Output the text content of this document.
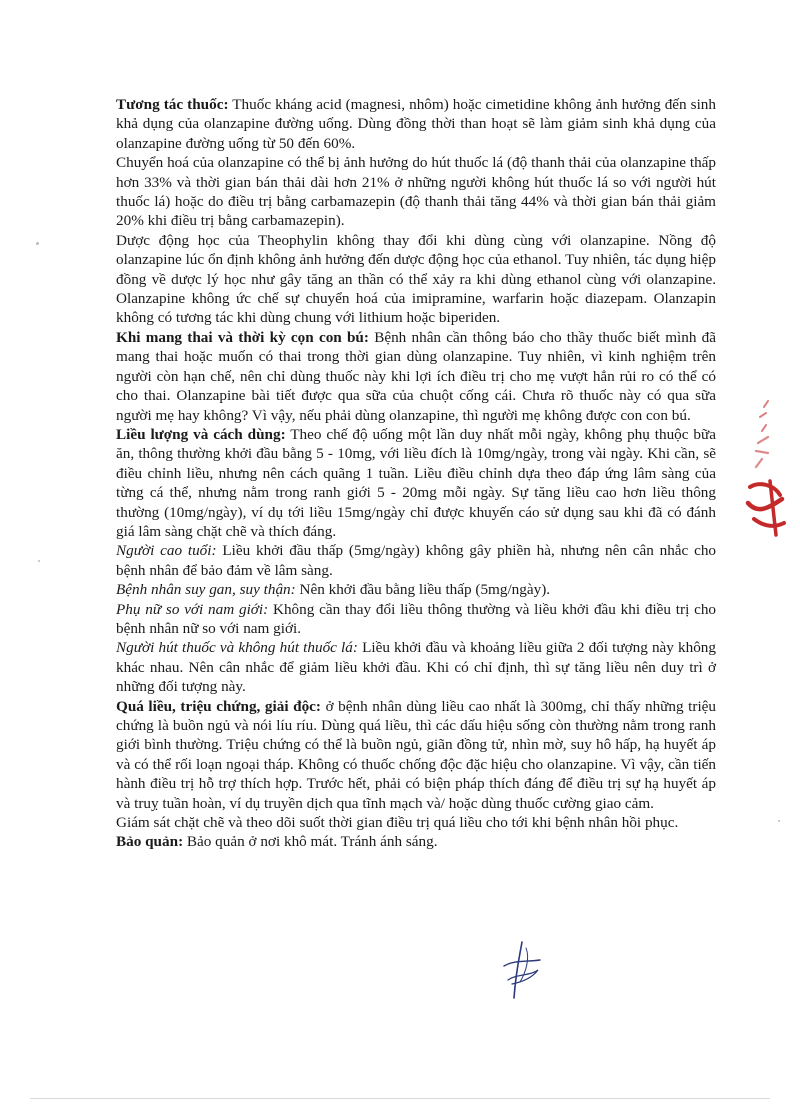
Tương tác thuốc: Thuốc kháng acid (magnesi, nhôm) hoặc cimetidine không ảnh hưởng đến sinh khả dụng của olanzapine đường uống. Dùng đồng thời than hoạt sẽ làm giảm sinh khả dụng của olanzapine đường uống từ 50 đến 60%.

Chuyển hoá của olanzapine có thể bị ảnh hưởng do hút thuốc lá (độ thanh thải của olanzapine thấp hơn 33% và thời gian bán thải dài hơn 21% ở những người không hút thuốc lá so với người hút thuốc lá) hoặc do điều trị bằng carbamazepin (độ thanh thải tăng 44% và thời gian bán thải giảm 20% khi điều trị bằng carbamazepin).

Dược động học của Theophylin không thay đổi khi dùng cùng với olanzapine. Nồng độ olanzapine lúc ổn định không ảnh hưởng đến dược động học của ethanol. Tuy nhiên, tác dụng hiệp đồng về dược lý học như gây tăng an thần có thể xảy ra khi dùng ethanol cùng với olanzapine. Olanzapine không ức chế sự chuyển hoá của imipramine, warfarin hoặc diazepam. Olanzapin không có tương tác khi dùng chung với lithium hoặc biperiden.

Khi mang thai và thời kỳ cọn con bú: Bệnh nhân cần thông báo cho thầy thuốc biết mình đã mang thai hoặc muốn có thai trong thời gian dùng olanzapine. Tuy nhiên, vì kinh nghiệm trên người còn hạn chế, nên chỉ dùng thuốc này khi lợi ích điều trị cho mẹ vượt hẳn rủi ro có thể có cho thai. Olanzapine bài tiết được qua sữa của chuột cống cái. Chưa rõ thuốc này có qua sữa người mẹ hay không? Vì vậy, nếu phải dùng olanzapine, thì người mẹ không được con con bú.

Liều lượng và cách dùng: Theo chế độ uống một lần duy nhất mỗi ngày, không phụ thuộc bữa ăn, thông thường khởi đầu bằng 5 - 10mg, với liều đích là 10mg/ngày, trong vài ngày. Khi cần, sẽ điều chỉnh liều, nhưng nên cách quãng 1 tuần. Liều điều chỉnh dựa theo đáp ứng lâm sàng của từng cá thể, nhưng nằm trong ranh giới 5 - 20mg mỗi ngày. Sự tăng liều cao hơn liều thông thường (10mg/ngày), ví dụ tới liều 15mg/ngày chỉ được khuyến cáo sử dụng sau khi đã có đánh giá lâm sàng chặt chẽ và thích đáng.

Người cao tuổi: Liều khởi đầu thấp (5mg/ngày) không gây phiền hà, nhưng nên cân nhắc cho bệnh nhân để bảo đảm về lâm sàng.

Bệnh nhân suy gan, suy thận: Nên khởi đầu bằng liều thấp (5mg/ngày).

Phụ nữ so với nam giới: Không cần thay đổi liều thông thường và liều khởi đầu khi điều trị cho bệnh nhân nữ so với nam giới.

Người hút thuốc và không hút thuốc lá: Liều khởi đầu và khoảng liều giữa 2 đối tượng này không khác nhau. Nên cân nhắc để giảm liều khởi đầu. Khi có chỉ định, thì sự tăng liều nên duy trì ở những đối tượng này.

Quá liều, triệu chứng, giải độc: ở bệnh nhân dùng liều cao nhất là 300mg, chỉ thấy những triệu chứng là buồn ngủ và nói líu ríu. Dùng quá liều, thì các dấu hiệu sống còn thường nằm trong ranh giới bình thường. Triệu chứng có thể là buồn ngủ, giãn đồng tử, nhìn mờ, suy hô hấp, hạ huyết áp và có thể rối loạn ngoại tháp. Không có thuốc chống độc đặc hiệu cho olanzapine. Vì vậy, cần tiến hành điều trị hỗ trợ thích hợp. Trước hết, phải có biện pháp thích đáng để điều trị sự hạ huyết áp và truỵ tuần hoàn, ví dụ truyền dịch qua tĩnh mạch và/ hoặc dùng thuốc cường giao cảm.

Giám sát chặt chẽ và theo dõi suốt thời gian điều trị quá liều cho tới khi bệnh nhân hồi phục.

Bảo quản: Bảo quản ở nơi khô mát. Tránh ánh sáng.
